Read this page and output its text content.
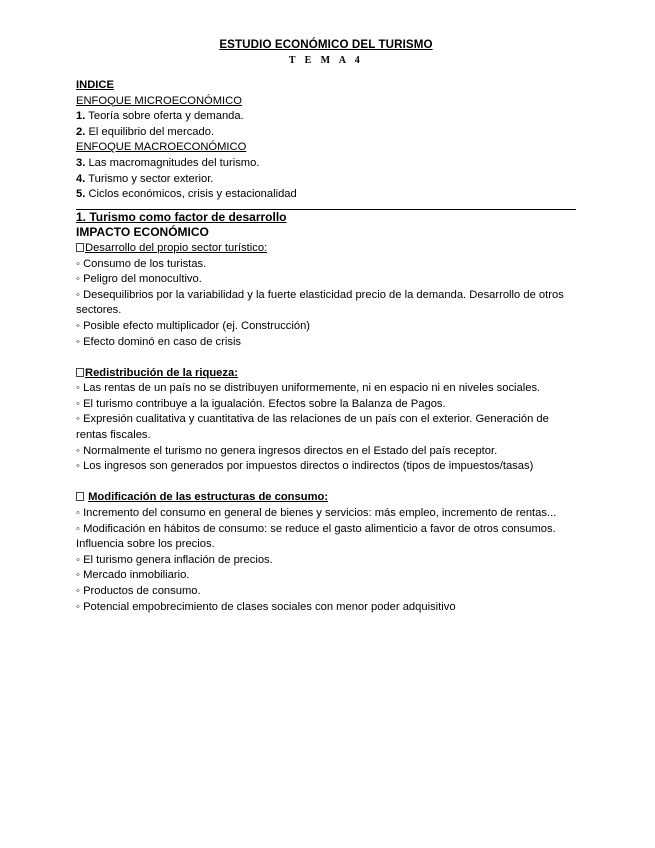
ESTUDIO ECONÓMICO DEL TURISMO
T E M A 4
INDICE
ENFOQUE MICROECONÓMICO
1. Teoría sobre oferta y demanda.
2. El equilibrio del mercado.
ENFOQUE MACROECONÓMICO
3. Las macromagnitudes del turismo.
4. Turismo y sector exterior.
5. Ciclos económicos, crisis y estacionalidad
1. Turismo como factor de desarrollo
IMPACTO ECONÓMICO
Desarrollo del propio sector turístico:
◦ Consumo de los turistas.
◦ Peligro del monocultivo.
◦ Desequilibrios por la variabilidad y la fuerte elasticidad precio de la demanda. Desarrollo de otros sectores.
◦ Posible efecto multiplicador (ej. Construcción)
◦ Efecto dominó en caso de crisis
Redistribución de la riqueza:
◦ Las rentas de un país no se distribuyen uniformemente, ni en espacio ni en niveles sociales.
◦ El turismo contribuye a la igualación. Efectos sobre la Balanza de Pagos.
◦ Expresión cualitativa y cuantitativa de las relaciones de un país con el exterior. Generación de rentas fiscales.
◦ Normalmente el turismo no genera ingresos directos en el Estado del país receptor.
◦ Los ingresos son generados por impuestos directos o indirectos (tipos de impuestos/tasas)
Modificación de las estructuras de consumo:
◦ Incremento del consumo en general de bienes y servicios: más empleo, incremento de rentas...
◦ Modificación en hábitos de consumo: se reduce el gasto alimenticio a favor de otros consumos. Influencia sobre los precios.
◦ El turismo genera inflación de precios.
◦ Mercado inmobiliario.
◦ Productos de consumo.
◦ Potencial empobrecimiento de clases sociales con menor poder adquisitivo
